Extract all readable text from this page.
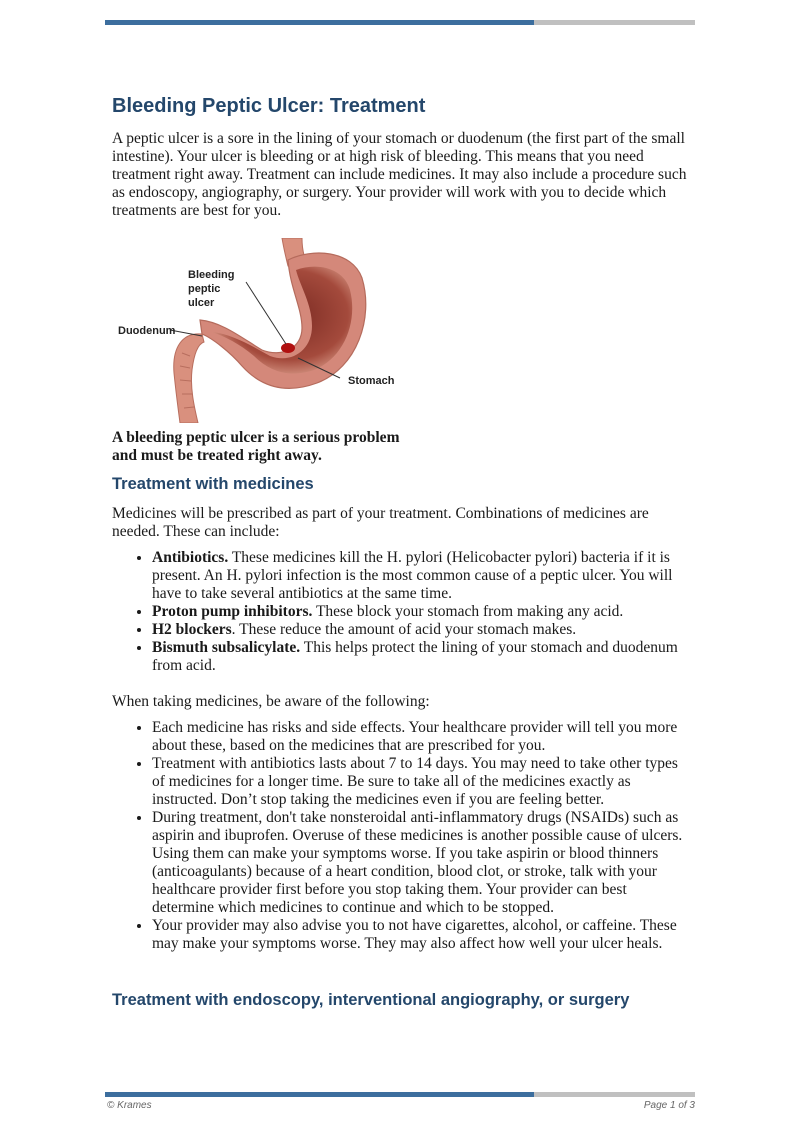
Bleeding Peptic Ulcer: Treatment

A peptic ulcer is a sore in the lining of your stomach or duodenum (the first part of the small intestine). Your ulcer is bleeding or at high risk of bleeding. This means that you need treatment right away. Treatment can include medicines. It may also include a procedure such as endoscopy, angiography, or surgery. Your provider will work with you to decide which treatments are best for you.

Bleeding
peptic
ulcer
Duodenum
Stomach
A bleeding peptic ulcer is a serious problem
and must be treated right away.
Treatment with medicines

Medicines will be prescribed as part of your treatment. Combinations of medicines are needed. These can include:

• Antibiotics. These medicines kill the H. pylori (Helicobacter pylori) bacteria if it is present. An H. pylori infection is the most common cause of a peptic ulcer. You will have to take several antibiotics at the same time.
• Proton pump inhibitors. These block your stomach from making any acid.
• H2 blockers. These reduce the amount of acid your stomach makes.
• Bismuth subsalicylate. This helps protect the lining of your stomach and duodenum from acid.

When taking medicines, be aware of the following:

• Each medicine has risks and side effects. Your healthcare provider will tell you more about these, based on the medicines that are prescribed for you.
• Treatment with antibiotics lasts about 7 to 14 days. You may need to take other types of medicines for a longer time. Be sure to take all of the medicines exactly as instructed. Don’t stop taking the medicines even if you are feeling better.
• During treatment, don't take nonsteroidal anti-inflammatory drugs (NSAIDs) such as aspirin and ibuprofen. Overuse of these medicines is another possible cause of ulcers. Using them can make your symptoms worse. If you take aspirin or blood thinners (anticoagulants) because of a heart condition, blood clot, or stroke, talk with your healthcare provider first before you stop taking them. Your provider can best determine which medicines to continue and which to be stopped.
• Your provider may also advise you to not have cigarettes, alcohol, or caffeine. These may make your symptoms worse. They may also affect how well your ulcer heals.
Treatment with endoscopy, interventional angiography, or surgery
© Krames	Page 1 of 3
